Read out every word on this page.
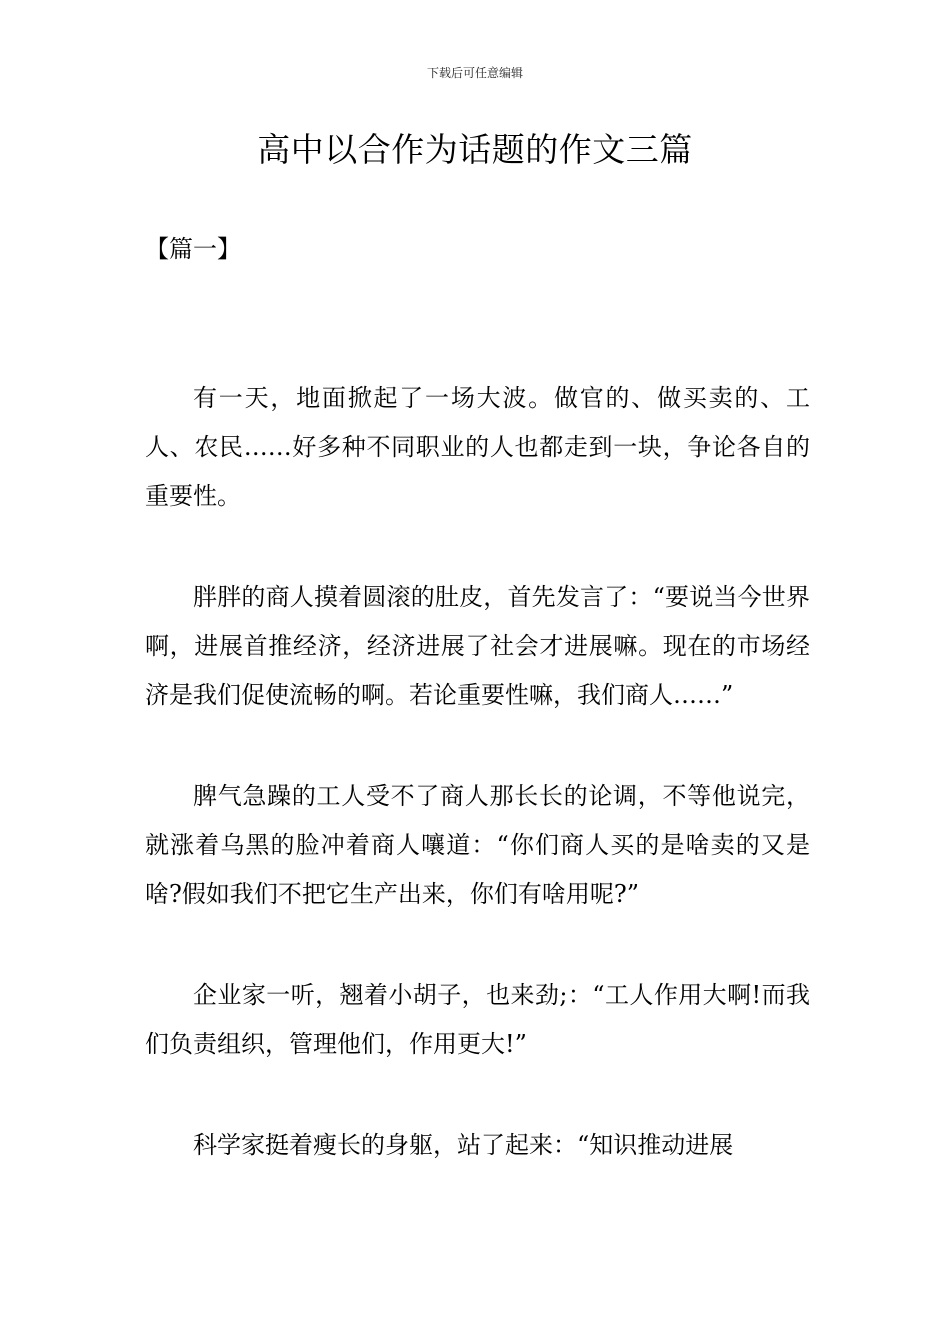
下载后可任意编辑
高中以合作为话题的作文三篇

【篇一】

有一天，地面掀起了一场大波。做官的、做买卖的、工人、农民……好多种不同职业的人也都走到一块，争论各自的重要性。

胖胖的商人摸着圆滚的肚皮，首先发言了：“要说当今世界啊，进展首推经济，经济进展了社会才进展嘛。现在的市场经济是我们促使流畅的啊。若论重要性嘛，我们商人……”

脾气急躁的工人受不了商人那长长的论调，不等他说完，就涨着乌黑的脸冲着商人嚷道：“你们商人买的是啥卖的又是啥?假如我们不把它生产出来，你们有啥用呢?”

企业家一听，翘着小胡子，也来劲;：“工人作用大啊!而我们负责组织，管理他们，作用更大!”

科学家挺着瘦长的身躯，站了起来：“知识推动进展
